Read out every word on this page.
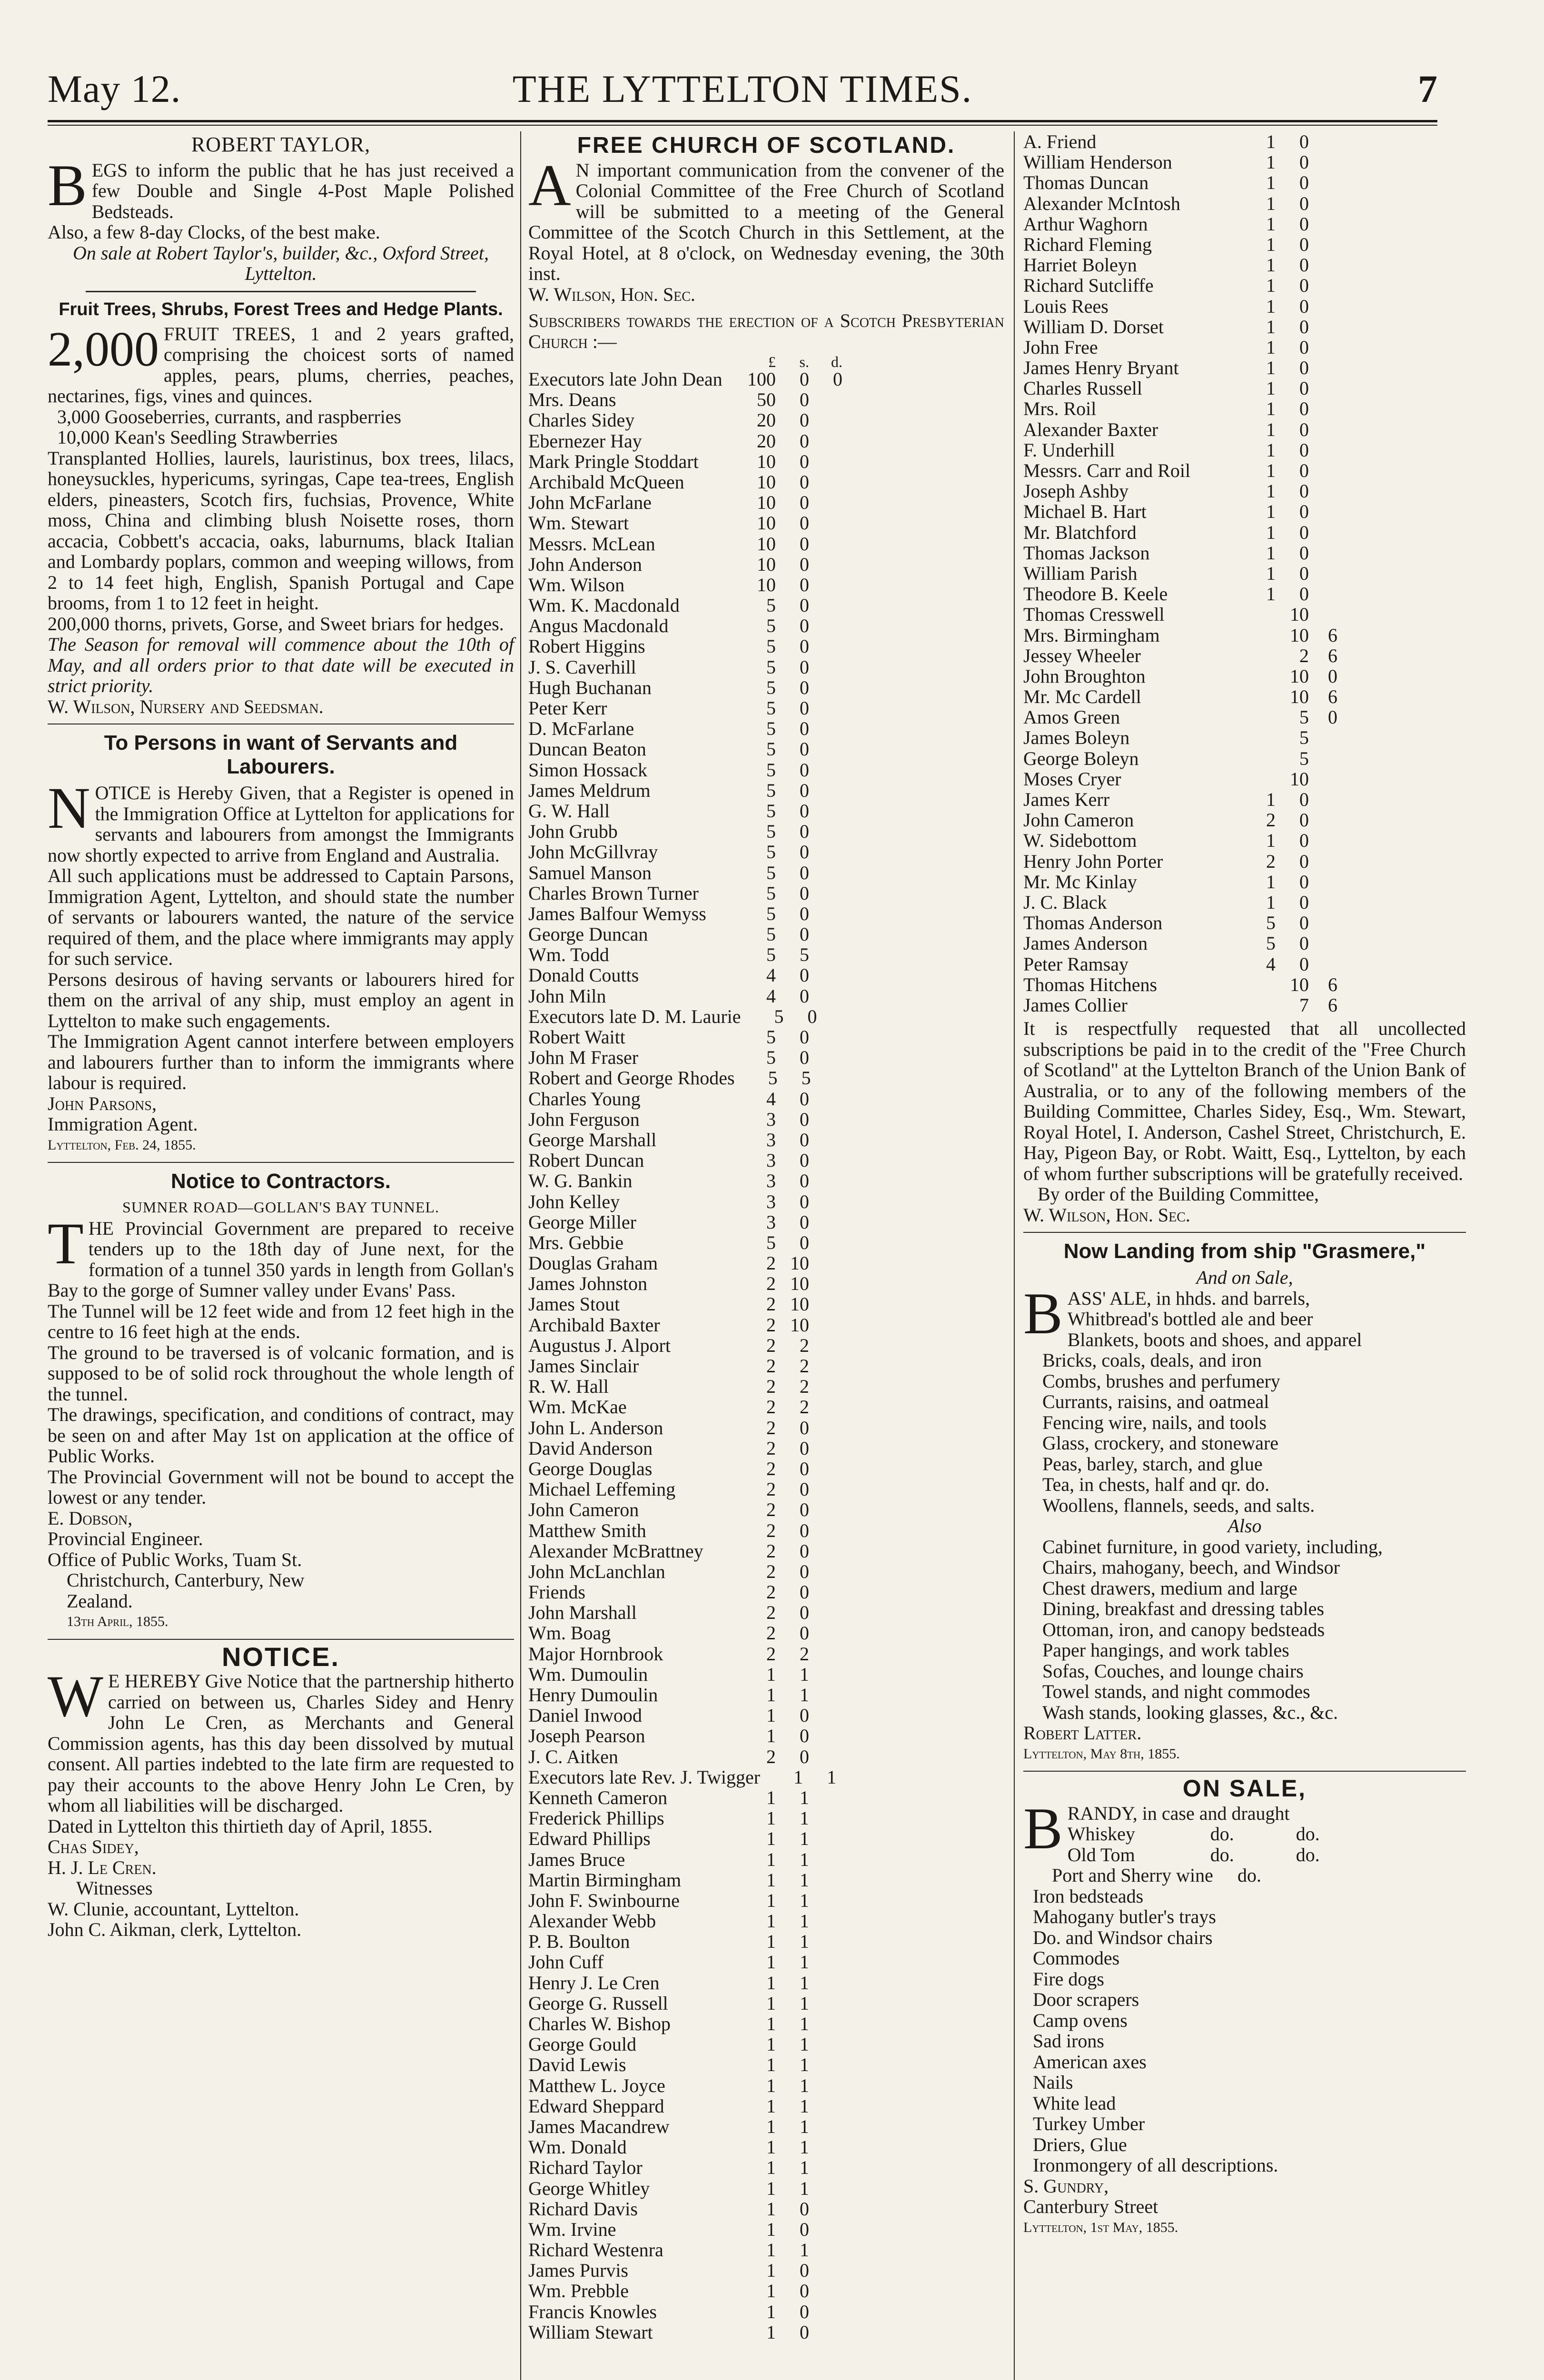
May 12.	THE LYTTELTON TIMES.	7
ROBERT TAYLOR,

BEGS to inform the public that he has just received a few Double and Single 4-Post Maple Polished Bedsteads.

Also, a few 8-day Clocks, of the best make.

On sale at Robert Taylor's, builder, &c., Oxford Street, Lyttelton.

Fruit Trees, Shrubs, Forest Trees and Hedge Plants.

2,000 FRUIT TREES, 1 and 2 years grafted, comprising the choicest sorts of named apples, pears, plums, cherries, peaches, nectarines, figs, vines and quinces.

3,000 Gooseberries, currants, and raspberries

10,000 Kean's Seedling Strawberries

Transplanted Hollies, laurels, lauristinus, box trees, lilacs, honeysuckles, hypericums, syringas, Cape tea-trees, English elders, pineasters, Scotch firs, fuchsias, Provence, White moss, China and climbing blush Noisette roses, thorn accacia, Cobbett's accacia, oaks, laburnums, black Italian and Lombardy poplars, common and weeping willows, from 2 to 14 feet high, English, Spanish Portugal and Cape brooms, from 1 to 12 feet in height.

200,000 thorns, privets, Gorse, and Sweet briars for hedges.

The Season for removal will commence about the 10th of May, and all orders prior to that date will be executed in strict priority.

W. Wilson, Nursery and Seedsman.

To Persons in want of Servants and Labourers.

NOTICE is Hereby Given, that a Register is opened in the Immigration Office at Lyttelton for applications for servants and labourers from amongst the Immigrants now shortly expected to arrive from England and Australia.

All such applications must be addressed to Captain Parsons, Immigration Agent, Lyttelton, and should state the number of servants or labourers wanted, the nature of the service required of them, and the place where immigrants may apply for such service.

Persons desirous of having servants or labourers hired for them on the arrival of any ship, must employ an agent in Lyttelton to make such engagements.

The Immigration Agent cannot interfere between employers and labourers further than to inform the immigrants where labour is required.

John Parsons,

Immigration Agent.

Lyttelton, Feb. 24, 1855.

Notice to Contractors.

SUMNER ROAD—GOLLAN'S BAY TUNNEL.

THE Provincial Government are prepared to receive tenders up to the 18th day of June next, for the formation of a tunnel 350 yards in length from Gollan's Bay to the gorge of Sumner valley under Evans' Pass.

The Tunnel will be 12 feet wide and from 12 feet high in the centre to 16 feet high at the ends.

The ground to be traversed is of volcanic formation, and is supposed to be of solid rock throughout the whole length of the tunnel.

The drawings, specification, and conditions of contract, may be seen on and after May 1st on application at the office of Public Works.

The Provincial Government will not be bound to accept the lowest or any tender.

E. Dobson,

Provincial Engineer.

Office of Public Works, Tuam St.

Christchurch, Canterbury, New

Zealand.

13th April, 1855.

NOTICE.

W E HEREBY Give Notice that the partnership hitherto carried on between us, Charles Sidey and Henry John Le Cren, as Merchants and General Commission agents, has this day been dissolved by mutual consent. All parties indebted to the late firm are requested to pay their accounts to the above Henry John Le Cren, by whom all liabilities will be discharged.

Dated in Lyttelton this thirtieth day of April, 1855.

Chas Sidey,

H. J. Le Cren.

Witnesses

W. Clunie, accountant, Lyttelton.

John C. Aikman, clerk, Lyttelton.

FREE CHURCH OF SCOTLAND.

A N important communication from the convener of the Colonial Committee of the Free Church of Scotland will be submitted to a meeting of the General Committee of the Scotch Church in this Settlement, at the Royal Hotel, at 8 o'clock, on Wednesday evening, the 30th inst.

W. Wilson, Hon. Sec.

Subscribers towards the erection of a Scotch Presbyterian Church :—

£	s.	d.
Executors late John Dean	100	0	0
Mrs. Deans	50	0
Charles Sidey	20	0
Ebernezer Hay	20	0
Mark Pringle Stoddart	10	0
Archibald McQueen	10	0
John McFarlane	10	0
Wm. Stewart	10	0
Messrs. McLean	10	0
John Anderson	10	0
Wm. Wilson	10	0
Wm. K. Macdonald	5	0
Angus Macdonald	5	0
Robert Higgins	5	0
J. S. Caverhill	5	0
Hugh Buchanan	5	0
Peter Kerr	5	0
D. McFarlane	5	0
Duncan Beaton	5	0
Simon Hossack	5	0
James Meldrum	5	0
G. W. Hall	5	0
John Grubb	5	0
John McGillvray	5	0
Samuel Manson	5	0
Charles Brown Turner	5	0
James Balfour Wemyss	5	0
George Duncan	5	0
Wm. Todd	5	5
Donald Coutts	4	0
John Miln	4	0
Executors late D. M. Laurie	5	0
Robert Waitt	5	0
John M Fraser	5	0
Robert and George Rhodes	5	5
Charles Young	4	0
John Ferguson	3	0
George Marshall	3	0
Robert Duncan	3	0
W. G. Bankin	3	0
John Kelley	3	0
George Miller	3	0
Mrs. Gebbie	5	0
Douglas Graham	2 10
James Johnston	2 10
James Stout	2 10
Archibald Baxter	2 10
Augustus J. Alport	2	2
James Sinclair	2	2
R. W. Hall	2	2
Wm. McKae	2	2
John L. Anderson	2	0
David Anderson	2	0
George Douglas	2	0
Michael Leffeming	2	0
John Cameron	2	0
Matthew Smith	2	0
Alexander McBrattney	2	0
John McLanchlan	2	0
Friends	2	0
John Marshall	2	0
Wm. Boag	2	0
Major Hornbrook	2	2
Wm. Dumoulin	1	1
Henry Dumoulin	1	1
Daniel Inwood	1	0
Joseph Pearson	1	0
J. C. Aitken	2	0
Executors late Rev. J. Twigger	1	1
Kenneth Cameron	1	1
Frederick Phillips	1	1
Edward Phillips	1	1
James Bruce	1	1
Martin Birmingham	1	1
John F. Swinbourne	1	1
Alexander Webb	1	1
P. B. Boulton	1	1
John Cuff	1	1
Henry J. Le Cren	1	1
George G. Russell	1	1
Charles W. Bishop	1	1
George Gould	1	1
David Lewis	1	1
Matthew L. Joyce	1	1
Edward Sheppard	1	1
James Macandrew	1	1
Wm. Donald	1	1
Richard Taylor	1	1
George Whitley	1	1
Richard Davis	1	0
Wm. Irvine	1	0
Richard Westenra	1	1
James Purvis	1	0
Wm. Prebble	1	0
Francis Knowles	1	0
William Stewart	1	0
A. Friend	1	0
William Henderson	1	0
Thomas Duncan	1	0
Alexander McIntosh	1	0
Arthur Waghorn	1	0
Richard Fleming	1	0
Harriet Boleyn	1	0
Richard Sutcliffe	1	0
Louis Rees	1	0
William D. Dorset	1	0
John Free	1	0
James Henry Bryant	1	0
Charles Russell	1	0
Mrs. Roil	1	0
Alexander Baxter	1	0
F. Underhill	1	0
Messrs. Carr and Roil	1	0
Joseph Ashby	1	0
Michael B. Hart	1	0
Mr. Blatchford	1	0
Thomas Jackson	1	0
William Parish	1	0
Theodore B. Keele	1	0
Thomas Cresswell	10
Mrs. Birmingham	10	6
Jessey Wheeler	2	6
John Broughton	10	0
Mr. Mc Cardell	10	6
Amos Green	5	0
James Boleyn	5
George Boleyn	5
Moses Cryer	10
James Kerr	1	0
John Cameron	2	0
W. Sidebottom	1	0
Henry John Porter	2	0
Mr. Mc Kinlay	1	0
J. C. Black	1	0
Thomas Anderson	5	0
James Anderson	5	0
Peter Ramsay	4	0
Thomas Hitchens	10	6
James Collier	7	6

It is respectfully requested that all uncollected subscriptions be paid in to the credit of the "Free Church of Scotland" at the Lyttelton Branch of the Union Bank of Australia, or to any of the following members of the Building Committee, Charles Sidey, Esq., Wm. Stewart, Royal Hotel, I. Anderson, Cashel Street, Christchurch, E. Hay, Pigeon Bay, or Robt. Waitt, Esq., Lyttelton, by each of whom further subscriptions will be gratefully received.

By order of the Building Committee,

W. Wilson, Hon. Sec.

Now Landing from ship "Grasmere,"

And on Sale,

BASS' ALE, in hhds. and barrels,

Whitbread's bottled ale and beer

Blankets, boots and shoes, and apparel

Bricks, coals, deals, and iron

Combs, brushes and perfumery

Currants, raisins, and oatmeal

Fencing wire, nails, and tools

Glass, crockery, and stoneware

Peas, barley, starch, and glue

Tea, in chests, half and qr. do.

Woollens, flannels, seeds, and salts.

Also

Cabinet furniture, in good variety, including,

Chairs, mahogany, beech, and Windsor

Chest drawers, medium and large

Dining, breakfast and dressing tables

Ottoman, iron, and canopy bedsteads

Paper hangings, and work tables

Sofas, Couches, and lounge chairs

Towel stands, and night commodes

Wash stands, looking glasses, &c., &c.

Robert Latter.

Lyttelton, May 8th, 1855.

ON SALE,

BRANDY, in case and draught

Whiskey	do.	do.
Old Tom	do.	do.
Port and Sherry wine	do.

Iron bedsteads

Mahogany butler's trays

Do. and Windsor chairs

Commodes

Fire dogs

Door scrapers

Camp ovens

Sad irons

American axes

Nails

White lead

Turkey Umber

Driers, Glue

Ironmongery of all descriptions.

S. Gundry,

Canterbury Street

Lyttelton, 1st May, 1855.
